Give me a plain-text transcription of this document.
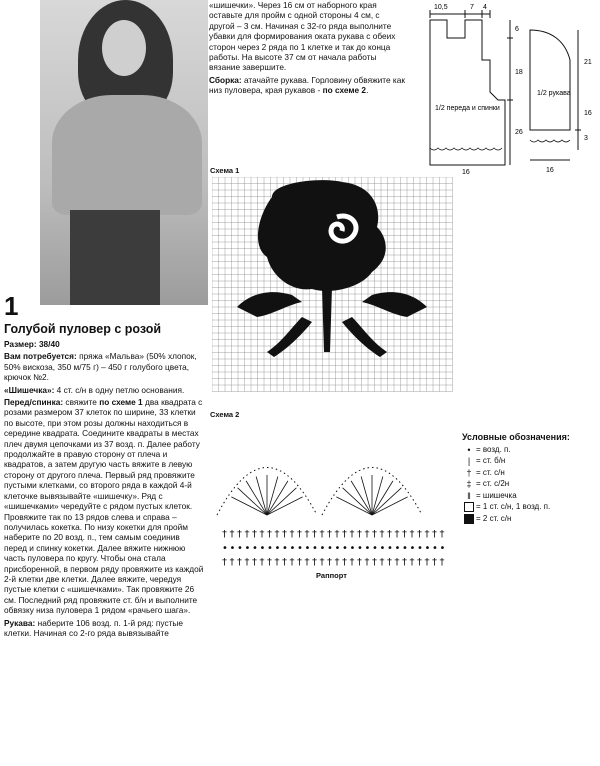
1

Голубой пуловер с розой

Размер: 38/40

Вам потребуется: пряжа «Мальва» (50% хлопок, 50% вискоза, 350 м/75 г) – 450 г голубого цвета, крючок №2.

«Шишечка»: 4 ст. с/н в одну петлю основания.

Перед/спинка: свяжите по схеме 1 два квадрата с розами размером 37 клеток по ширине, 33 клетки по высоте, при этом розы должны находиться в середине квадрата. Соедините квадраты в местах плеч двумя цепочками из 37 возд. п. Далее работу продолжайте в правую сторону от плеча и квадратов, а затем другую часть вяжите в левую сторону от другого плеча. Первый ряд провяжите пустыми клетками, со второго ряда в каждой 4-й клеточке вывязывайте «шишечку». Ряд с «шишечками» чередуйте с рядом пустых клеток. Провяжите так по 13 рядов слева и справа – получилась кокетка. По низу кокетки для пройм наберите по 20 возд. п., тем самым соединив перед и спинку кокетки. Далее вяжите нижнюю часть пуловера по кругу. Чтобы она стала присборенной, в первом ряду провяжите из каждой 2-й клетки две клетки. Далее вяжите, чередуя пустые клетки с «шишечками». Так провяжите 26 см. Последний ряд провяжите ст. б/н и выполните обвязку низа пуловера 1 рядом «рачьего шага».

Рукава: наберите 106 возд. п. 1-й ряд: пустые клетки. Начиная со 2-го ряда вывязывайте

«шишечки». Через 16 см от наборного края оставьте для пройм с одной стороны 4 см, с другой – 3 см. Начиная с 32-го ряда выполните убавки для формирования оката рукава с обеих сторон через 2 ряда по 1 клетке и так до конца работы. На высоте 37 см от начала работы вязание завершите.

Сборка: атачайте рукава. Горловину обвяжите как низ пуловера, края рукавов - по схеме 2.

10,5	7 4
6
18
26
16
21
16
3
16
1/2 переда и спинки
1/2 рукава
Схема 1
Схема 2
† † † † † † † † † † † † † † † † † † † † † † † † † † † † † †
• • • • • • • • • • • • • • • • • • • • • • • • • • • • • •
† † † † † † † † † † † † † † † † † † † † † † † † † † † † † †
Раппорт
Условные обозначения:
• = возд. п.
| = ст. б/н
† = ст. с/н
‡ = ст. с/2н
‖ = шишечка
= 1 ст. с/н, 1 возд. п.
= 2 ст. с/н
